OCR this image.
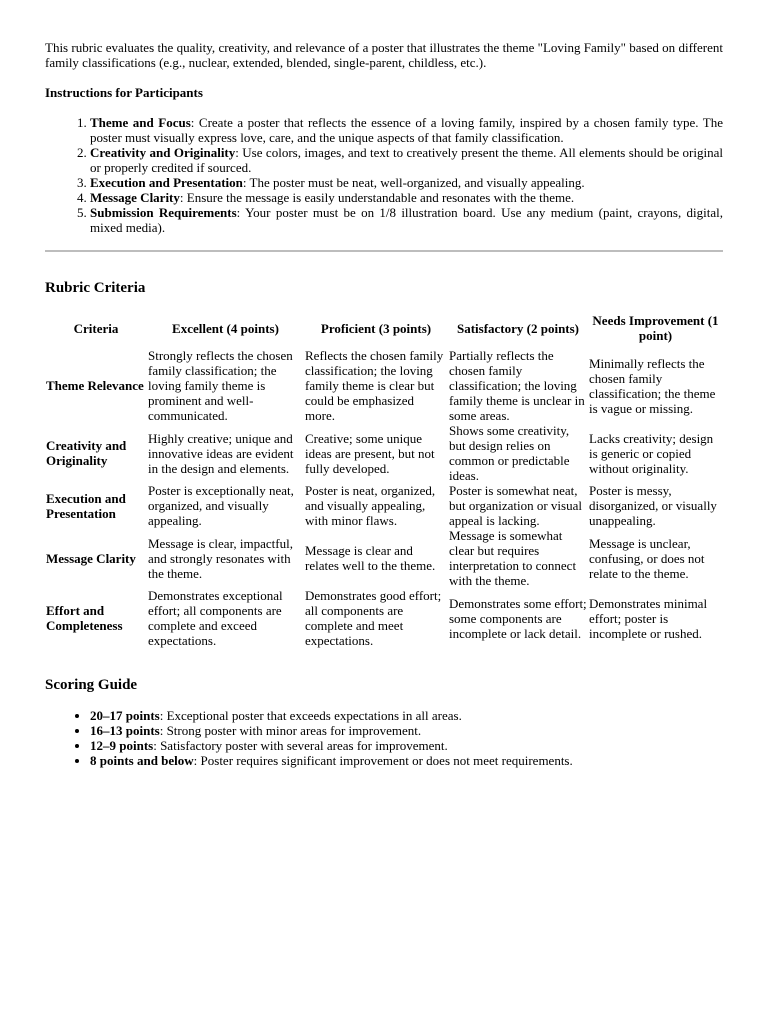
This rubric evaluates the quality, creativity, and relevance of a poster that illustrates the theme "Loving Family" based on different family classifications (e.g., nuclear, extended, blended, single-parent, childless, etc.).

Instructions for Participants

1. Theme and Focus: Create a poster that reflects the essence of a loving family, inspired by a chosen family type. The poster must visually express love, care, and the unique aspects of that family classification.
2. Creativity and Originality: Use colors, images, and text to creatively present the theme. All elements should be original or properly credited if sourced.
3. Execution and Presentation: The poster must be neat, well-organized, and visually appealing.
4. Message Clarity: Ensure the message is easily understandable and resonates with the theme.
5. Submission Requirements: Your poster must be on 1/8 illustration board. Use any medium (paint, crayons, digital, mixed media).
Rubric Criteria
Criteria	Excellent (4 points)	Proficient (3 points)	Satisfactory (2 points)	Needs Improvement (1 point)
Theme Relevance	Strongly reflects the chosen family classification; the loving family theme is prominent and well-communicated.	Reflects the chosen family classification; the loving family theme is clear but could be emphasized more.	Partially reflects the chosen family classification; the loving family theme is unclear in some areas.	Minimally reflects the chosen family classification; the theme is vague or missing.
Creativity and Originality	Highly creative; unique and innovative ideas are evident in the design and elements.	Creative; some unique ideas are present, but not fully developed.	Shows some creativity, but design relies on common or predictable ideas.	Lacks creativity; design is generic or copied without originality.
Execution and Presentation	Poster is exceptionally neat, organized, and visually appealing.	Poster is neat, organized, and visually appealing, with minor flaws.	Poster is somewhat neat, but organization or visual appeal is lacking.	Poster is messy, disorganized, or visually unappealing.
Message Clarity	Message is clear, impactful, and strongly resonates with the theme.	Message is clear and relates well to the theme.	Message is somewhat clear but requires interpretation to connect with the theme.	Message is unclear, confusing, or does not relate to the theme.
Effort and Completeness	Demonstrates exceptional effort; all components are complete and exceed expectations.	Demonstrates good effort; all components are complete and meet expectations.	Demonstrates some effort; some components are incomplete or lack detail.	Demonstrates minimal effort; poster is incomplete or rushed.
Scoring Guide
• 20–17 points: Exceptional poster that exceeds expectations in all areas.
• 16–13 points: Strong poster with minor areas for improvement.
• 12–9 points: Satisfactory poster with several areas for improvement.
• 8 points and below: Poster requires significant improvement or does not meet requirements.
